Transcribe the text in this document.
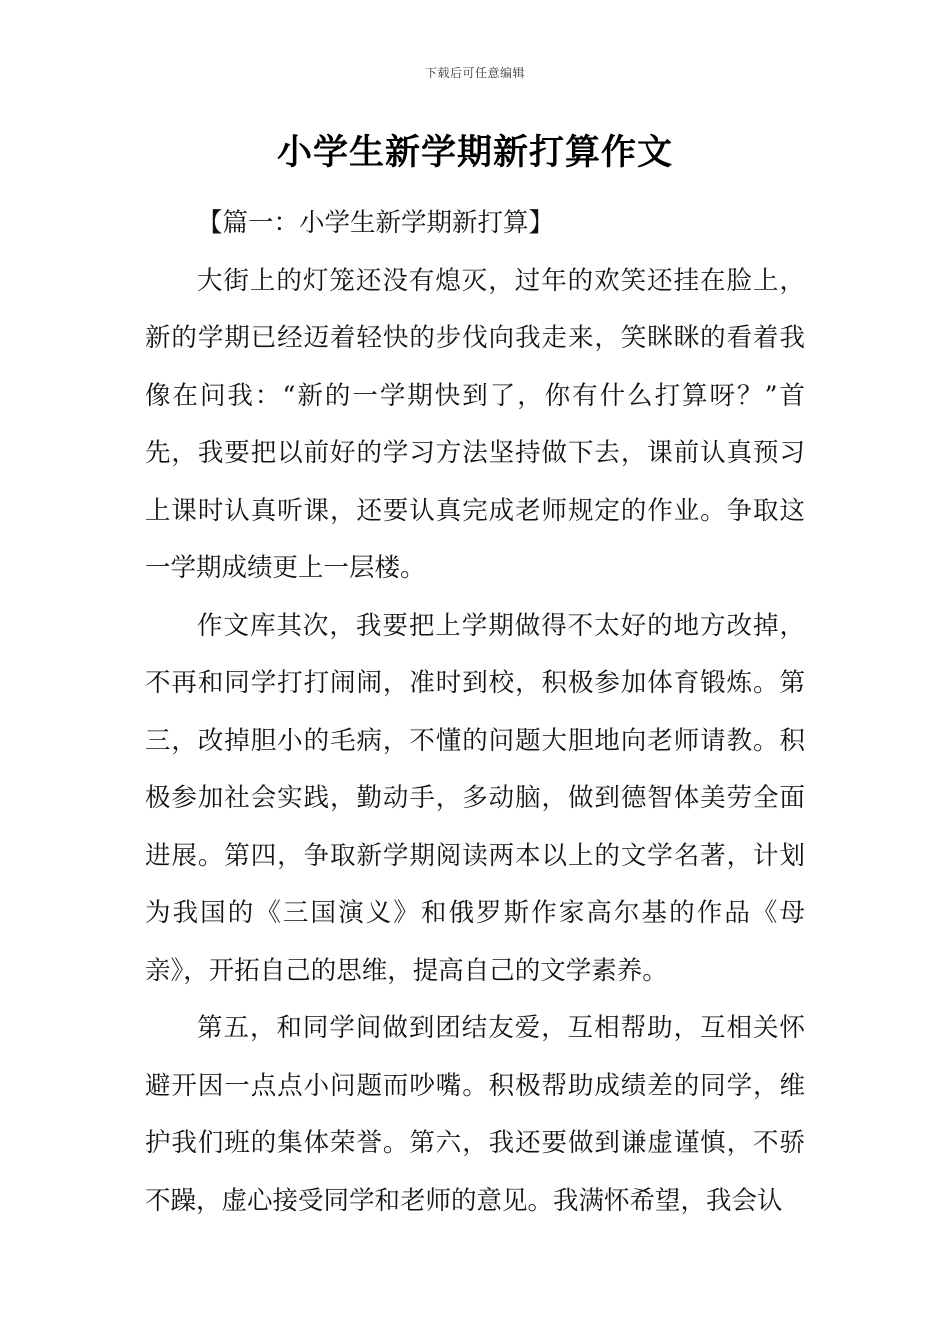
下载后可任意编辑
小学生新学期新打算作文

【篇一：小学生新学期新打算】

大街上的灯笼还没有熄灭，过年的欢笑还挂在脸上，新的学期已经迈着轻快的步伐向我走来，笑眯眯的看着我像在问我：“新的一学期快到了，你有什么打算呀？”首先，我要把以前好的学习方法坚持做下去，课前认真预习上课时认真听课，还要认真完成老师规定的作业。争取这一学期成绩更上一层楼。

作文库其次，我要把上学期做得不太好的地方改掉，不再和同学打打闹闹，准时到校，积极参加体育锻炼。第三，改掉胆小的毛病，不懂的问题大胆地向老师请教。积极参加社会实践，勤动手，多动脑，做到德智体美劳全面进展。第四，争取新学期阅读两本以上的文学名著，计划为我国的《三国演义》和俄罗斯作家高尔基的作品《母亲》，开拓自己的思维，提高自己的文学素养。

第五，和同学间做到团结友爱，互相帮助，互相关怀避开因一点点小问题而吵嘴。积极帮助成绩差的同学，维护我们班的集体荣誉。第六，我还要做到谦虚谨慎，不骄不躁，虚心接受同学和老师的意见。我满怀希望，我会认
